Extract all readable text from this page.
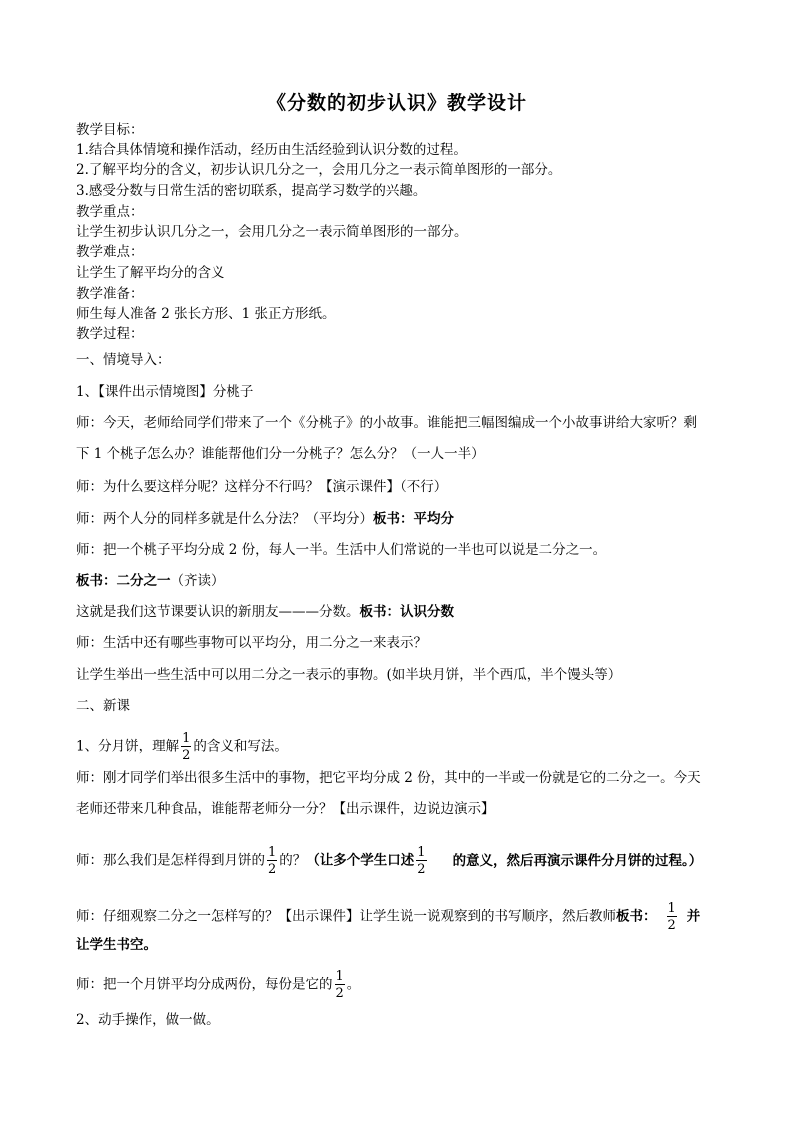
《分数的初步认识》教学设计
教学目标：
1.结合具体情境和操作活动，经历由生活经验到认识分数的过程。
2.了解平均分的含义，初步认识几分之一，会用几分之一表示简单图形的一部分。
3.感受分数与日常生活的密切联系，提高学习数学的兴趣。
教学重点：
让学生初步认识几分之一，会用几分之一表示简单图形的一部分。
教学难点：
让学生了解平均分的含义
教学准备：
师生每人准备 2 张长方形、1 张正方形纸。
教学过程：
一、情境导入：
1、【课件出示情境图】分桃子
师：今天，老师给同学们带来了一个《分桃子》的小故事。谁能把三幅图编成一个小故事讲给大家听？剩
下 1 个桃子怎么办？谁能帮他们分一分桃子？怎么分？（一人一半）
师：为什么要这样分呢？这样分不行吗？【演示课件】（不行）
师：两个人分的同样多就是什么分法？（平均分）板书：平均分
师：把一个桃子平均分成 2 份，每人一半。生活中人们常说的一半也可以说是二分之一。
板书：二分之一（齐读）
这就是我们这节课要认识的新朋友———分数。板书：认识分数
师：生活中还有哪些事物可以平均分，用二分之一来表示？
让学生举出一些生活中可以用二分之一表示的事物。(如半块月饼，半个西瓜，半个馒头等）
二、新课
1、分月饼，理解 $\frac{1}{2}$ 的含义和写法。
师：刚才同学们举出很多生活中的事物，把它平均分成 2 份，其中的一半或一份就是它的二分之一。今天
老师还带来几种食品，谁能帮老师分一分？【出示课件，边说边演示】
师：那么我们是怎样得到月饼的 $\frac{1}{2}$ 的？（让多个学生口述 $\frac{1}{2}$ 的意义，然后再演示课件分月饼的过程。）
师：仔细观察二分之一怎样写的？【出示课件】让学生说一说观察到的书写顺序，然后教师板书： $\frac{1}{2}$ 并
让学生书空。
师：把一个月饼平均分成两份，每份是它的 $\frac{1}{2}$ 。
2、动手操作，做一做。
